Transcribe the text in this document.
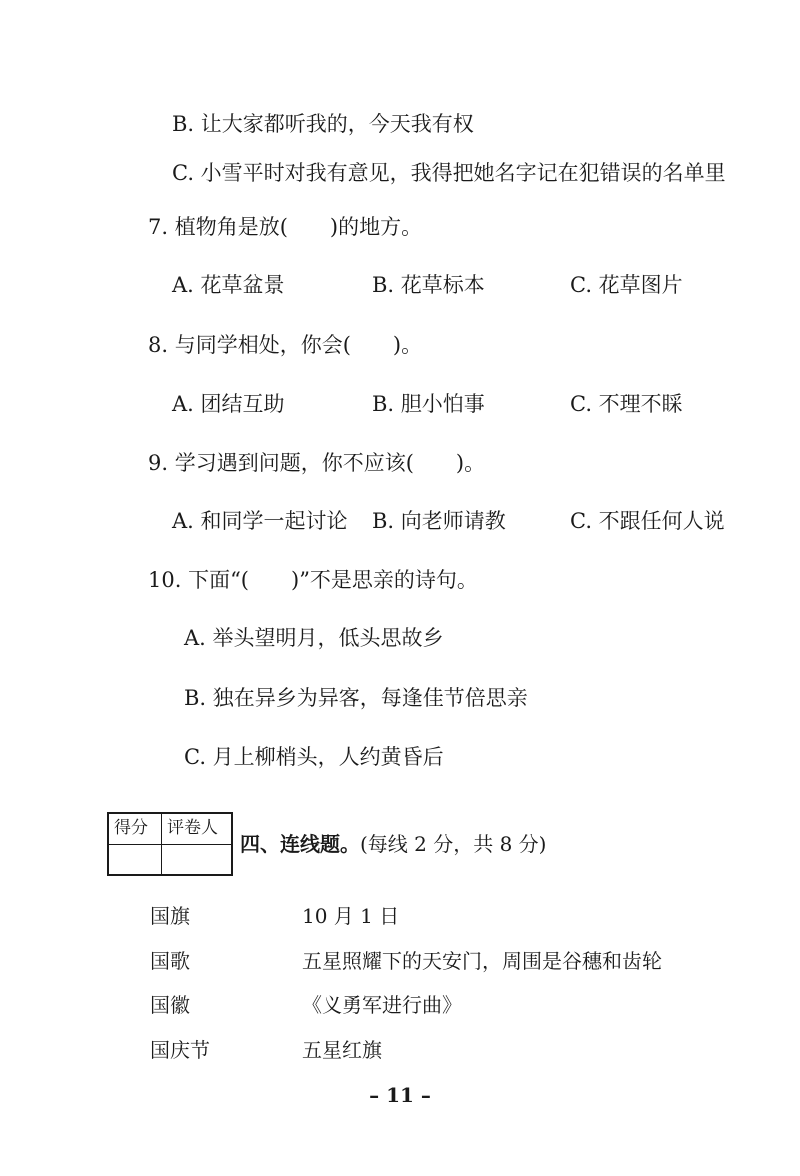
B. 让大家都听我的，今天我有权
C. 小雪平时对我有意见，我得把她名字记在犯错误的名单里
7. 植物角是放(　　)的地方。
A. 花草盆景	B. 花草标本	C. 花草图片
8. 与同学相处，你会(　　)。
A. 团结互助	B. 胆小怕事	C. 不理不睬
9. 学习遇到问题，你不应该(　　)。
A. 和同学一起讨论 B. 向老师请教	C. 不跟任何人说
10. 下面“(　　)”不是思亲的诗句。
A. 举头望明月，低头思故乡
B. 独在异乡为异客，每逢佳节倍思亲
C. 月上柳梢头，人约黄昏后
得分 评卷人
四、连线题。(每线 2 分，共 8 分)
国旗	10 月 1 日
国歌	五星照耀下的天安门，周围是谷穗和齿轮
国徽	《义勇军进行曲》
国庆节	五星红旗
– 11 –
